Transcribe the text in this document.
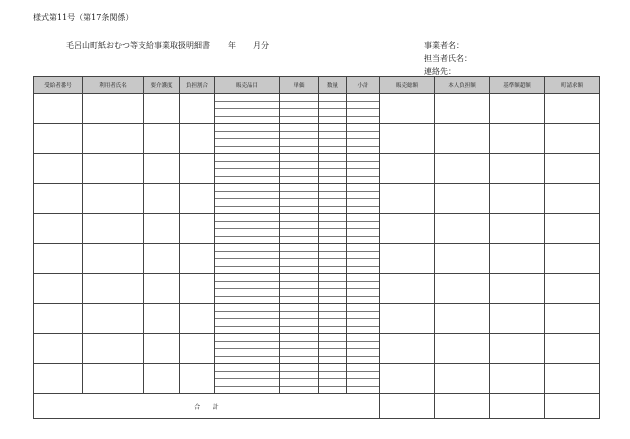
様式第11号（第17条関係）
毛呂山町紙おむつ等支給事業取扱明細書 年 月分	事業者名：
担当者氏名：
連絡先：
受給者番号	利用者氏名	要介護度	負担割合	販売品目	単価	数量	小計	販売総額	本人負担額	基準額超額	町請求額

合　　計											
